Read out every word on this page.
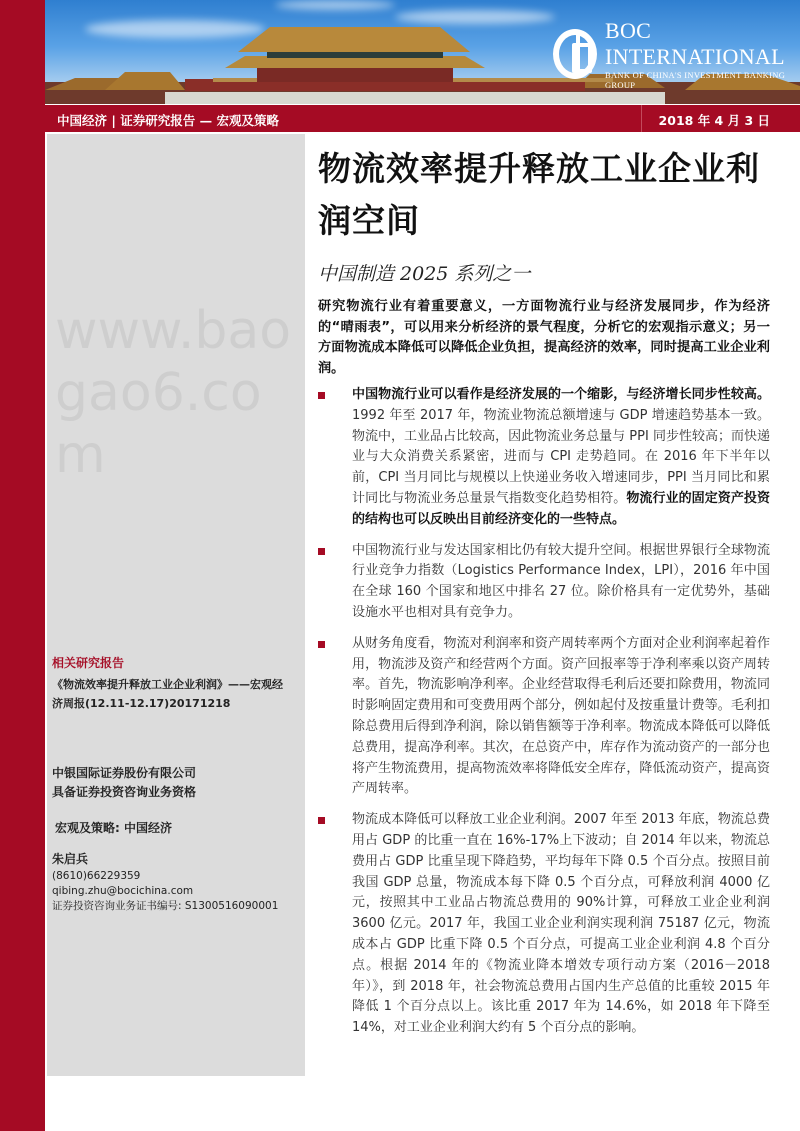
BOC INTERNATIONAL
BANK OF CHINA'S INVESTMENT BANKING GROUP
中国经济 | 证券研究报告 — 宏观及策略	2018 年 4 月 3 日
www.baogao6.com
相关研究报告
《物流效率提升释放工业企业利润》——宏观经济周报(12.11-12.17)20171218
中银国际证券股份有限公司
具备证券投资咨询业务资格
宏观及策略: 中国经济
朱启兵
(8610)66229359
qibing.zhu@bocichina.com
证券投资咨询业务证书编号: S1300516090001
物流效率提升释放工业企业利润空间
中国制造 2025 系列之一
研究物流行业有着重要意义，一方面物流行业与经济发展同步，作为经济的“晴雨表”，可以用来分析经济的景气程度，分析它的宏观指示意义；另一方面物流成本降低可以降低企业负担，提高经济的效率，同时提高工业企业利润。
中国物流行业可以看作是经济发展的一个缩影，与经济增长同步性较高。1992 年至 2017 年，物流业物流总额增速与 GDP 增速趋势基本一致。物流中，工业品占比较高，因此物流业务总量与 PPI 同步性较高；而快递业与大众消费关系紧密，进而与 CPI 走势趋同。在 2016 年下半年以前，CPI 当月同比与规模以上快递业务收入增速同步，PPI 当月同比和累计同比与物流业务总量景气指数变化趋势相符。物流行业的固定资产投资的结构也可以反映出目前经济变化的一些特点。
中国物流行业与发达国家相比仍有较大提升空间。根据世界银行全球物流行业竞争力指数（Logistics Performance Index，LPI），2016 年中国在全球 160 个国家和地区中排名 27 位。除价格具有一定优势外，基础设施水平也相对具有竞争力。
从财务角度看，物流对利润率和资产周转率两个方面对企业利润率起着作用，物流涉及资产和经营两个方面。资产回报率等于净利率乘以资产周转率。首先，物流影响净利率。企业经营取得毛利后还要扣除费用，物流同时影响固定费用和可变费用两个部分，例如起付及按重量计费等。毛利扣除总费用后得到净利润，除以销售额等于净利率。物流成本降低可以降低总费用，提高净利率。其次，在总资产中，库存作为流动资产的一部分也将产生物流费用，提高物流效率将降低安全库存，降低流动资产，提高资产周转率。
物流成本降低可以释放工业企业利润。2007 年至 2013 年底，物流总费用占 GDP 的比重一直在 16%-17%上下波动；自 2014 年以来，物流总费用占 GDP 比重呈现下降趋势，平均每年下降 0.5 个百分点。按照目前我国 GDP 总量，物流成本每下降 0.5 个百分点，可释放利润 4000 亿元，按照其中工业品占物流总费用的 90%计算，可释放工业企业利润 3600 亿元。2017 年，我国工业企业利润实现利润 75187 亿元，物流成本占 GDP 比重下降 0.5 个百分点，可提高工业企业利润 4.8 个百分点。根据 2014 年的《物流业降本增效专项行动方案（2016－2018 年）》，到 2018 年，社会物流总费用占国内生产总值的比重较 2015 年降低 1 个百分点以上。该比重 2017 年为 14.6%，如 2018 年下降至 14%，对工业企业利润大约有 5 个百分点的影响。
